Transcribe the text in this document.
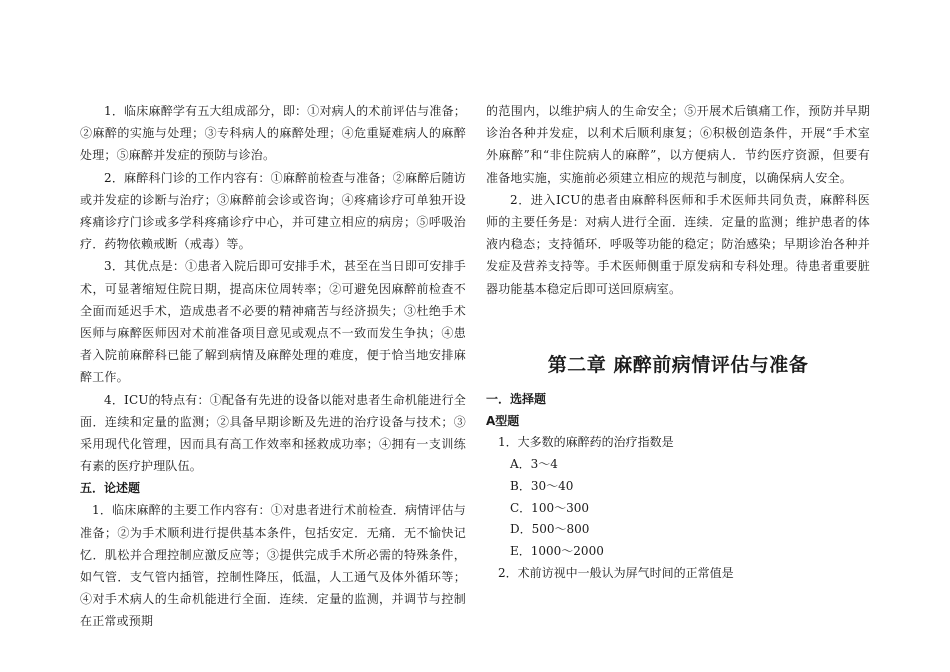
1．临床麻醉学有五大组成部分，即：①对病人的术前评估与准备；②麻醉的实施与处理；③专科病人的麻醉处理；④危重疑难病人的麻醉处理；⑤麻醉并发症的预防与诊治。

2．麻醉科门诊的工作内容有：①麻醉前检查与准备；②麻醉后随访或并发症的诊断与治疗；③麻醉前会诊或咨询；④疼痛诊疗可单独开设疼痛诊疗门诊或多学科疼痛诊疗中心，并可建立相应的病房；⑤呼吸治疗．药物依赖戒断（戒毒）等。

3．其优点是：①患者入院后即可安排手术，甚至在当日即可安排手术，可显著缩短住院日期，提高床位周转率；②可避免因麻醉前检查不全面而延迟手术，造成患者不必要的精神痛苦与经济损失；③杜绝手术医师与麻醉医师因对术前准备项目意见或观点不一致而发生争执；④患者入院前麻醉科已能了解到病情及麻醉处理的难度，便于恰当地安排麻醉工作。

4．ICU的特点有：①配备有先进的设备以能对患者生命机能进行全面．连续和定量的监测；②具备早期诊断及先进的治疗设备与技术；③采用现代化管理，因而具有高工作效率和拯救成功率；④拥有一支训练有素的医疗护理队伍。

五．论述题

1．临床麻醉的主要工作内容有：①对患者进行术前检查．病情评估与准备；②为手术顺利进行提供基本条件，包括安定．无痛．无不愉快记忆．肌松并合理控制应激反应等；③提供完成手术所必需的特殊条件，如气管．支气管内插管，控制性降压，低温，人工通气及体外循环等；④对手术病人的生命机能进行全面．连续．定量的监测，并调节与控制在正常或预期

的范围内，以维护病人的生命安全；⑤开展术后镇痛工作，预防并早期诊治各种并发症，以利术后顺利康复；⑥积极创造条件，开展“手术室外麻醉”和“非住院病人的麻醉”，以方便病人．节约医疗资源，但要有准备地实施，实施前必须建立相应的规范与制度，以确保病人安全。

2．进入ICU的患者由麻醉科医师和手术医师共同负责，麻醉科医师的主要任务是：对病人进行全面．连续．定量的监测；维护患者的体液内稳态；支持循环．呼吸等功能的稳定；防治感染；早期诊治各种并发症及营养支持等。手术医师侧重于原发病和专科处理。待患者重要脏器功能基本稳定后即可送回原病室。

第二章 麻醉前病情评估与准备

一．选择题

A型题

1．大多数的麻醉药的治疗指数是

A．3～4

B．30～40

C．100～300

D．500～800

E．1000～2000

2．术前访视中一般认为屏气时间的正常值是
